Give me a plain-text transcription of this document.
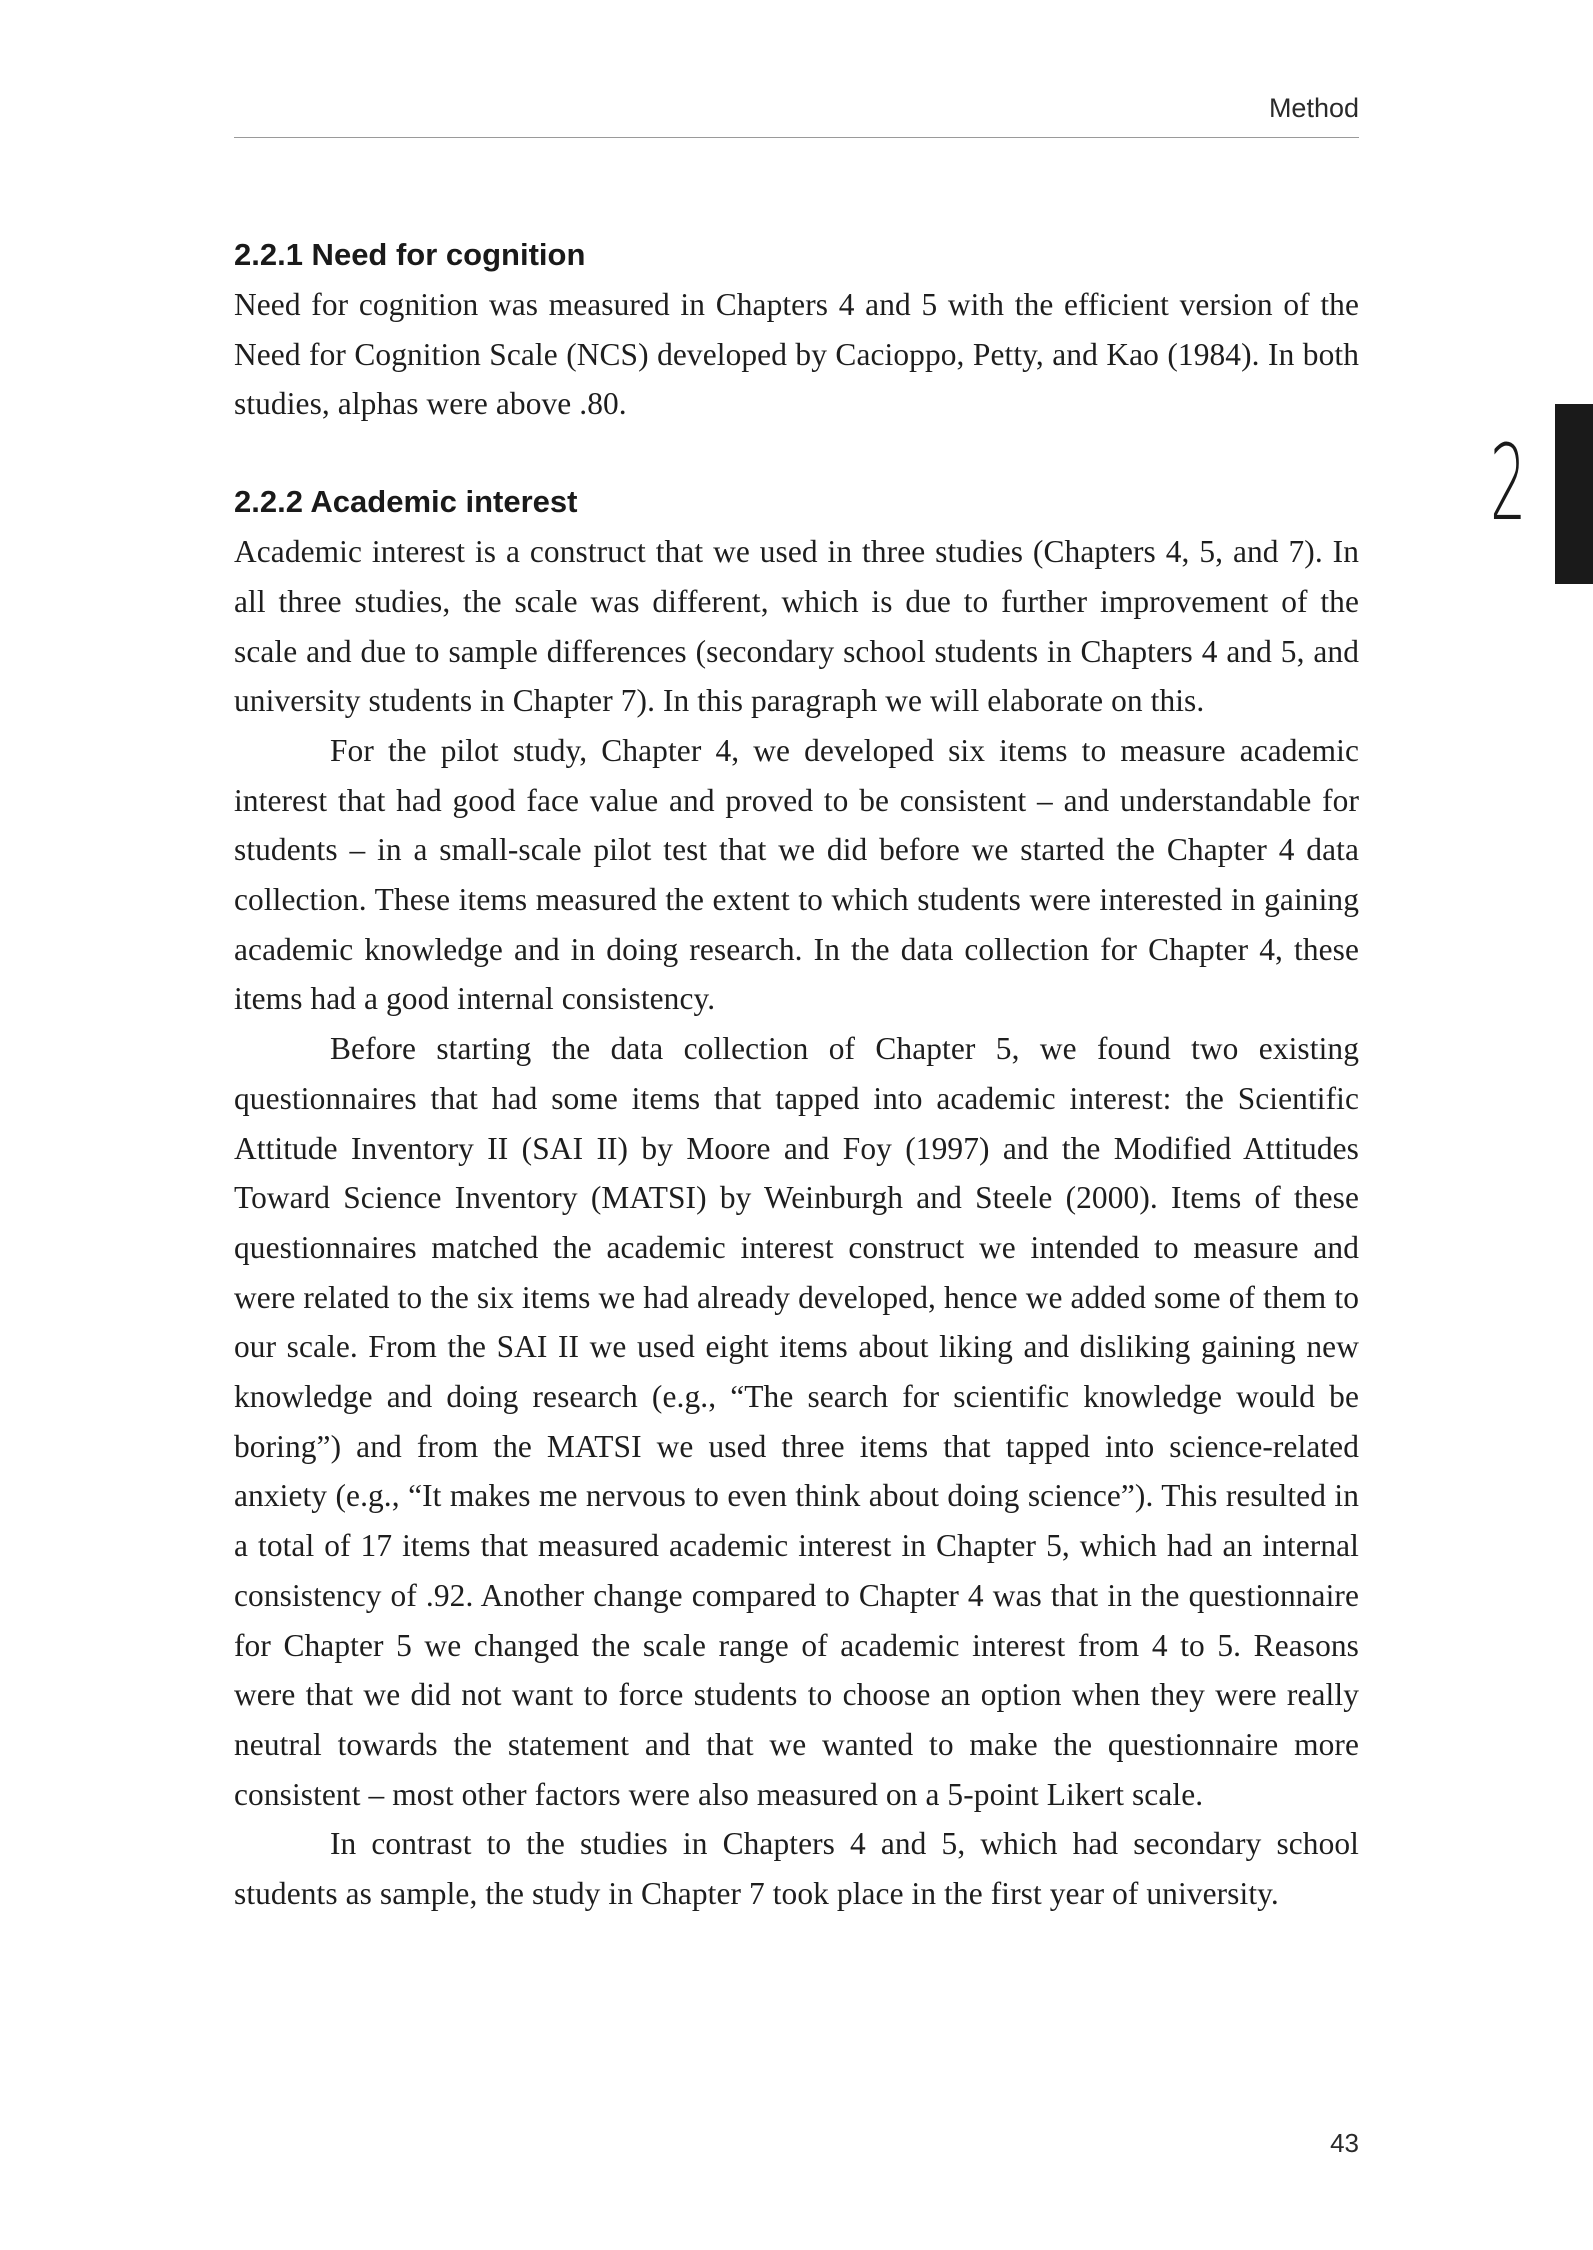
Method
2
2.2.1 Need for cognition

Need for cognition was measured in Chapters 4 and 5 with the efficient version of the Need for Cognition Scale (NCS) developed by Cacioppo, Petty, and Kao (1984). In both studies, alphas were above .80.

2.2.2 Academic interest

Academic interest is a construct that we used in three studies (Chapters 4, 5, and 7). In all three studies, the scale was different, which is due to further improvement of the scale and due to sample differences (secondary school students in Chapters 4 and 5, and university students in Chapter 7). In this paragraph we will elaborate on this.

For the pilot study, Chapter 4, we developed six items to measure academic interest that had good face value and proved to be consistent – and understandable for students – in a small-scale pilot test that we did before we started the Chapter 4 data collection. These items measured the extent to which students were interested in gaining academic knowledge and in doing research. In the data collection for Chapter 4, these items had a good internal consistency.

Before starting the data collection of Chapter 5, we found two existing questionnaires that had some items that tapped into academic interest: the Scientific Attitude Inventory II (SAI II) by Moore and Foy (1997) and the Modified Attitudes Toward Science Inventory (MATSI) by Weinburgh and Steele (2000). Items of these questionnaires matched the academic interest construct we intended to measure and were related to the six items we had already developed, hence we added some of them to our scale. From the SAI II we used eight items about liking and disliking gaining new knowledge and doing research (e.g., “The search for scientific knowledge would be boring”) and from the MATSI we used three items that tapped into science-related anxiety (e.g., “It makes me nervous to even think about doing science”). This resulted in a total of 17 items that measured academic interest in Chapter 5, which had an internal consistency of .92. Another change compared to Chapter 4 was that in the questionnaire for Chapter 5 we changed the scale range of academic interest from 4 to 5. Reasons were that we did not want to force students to choose an option when they were really neutral towards the statement and that we wanted to make the questionnaire more consistent – most other factors were also measured on a 5-point Likert scale.

In contrast to the studies in Chapters 4 and 5, which had secondary school students as sample, the study in Chapter 7 took place in the first year of university.

43
